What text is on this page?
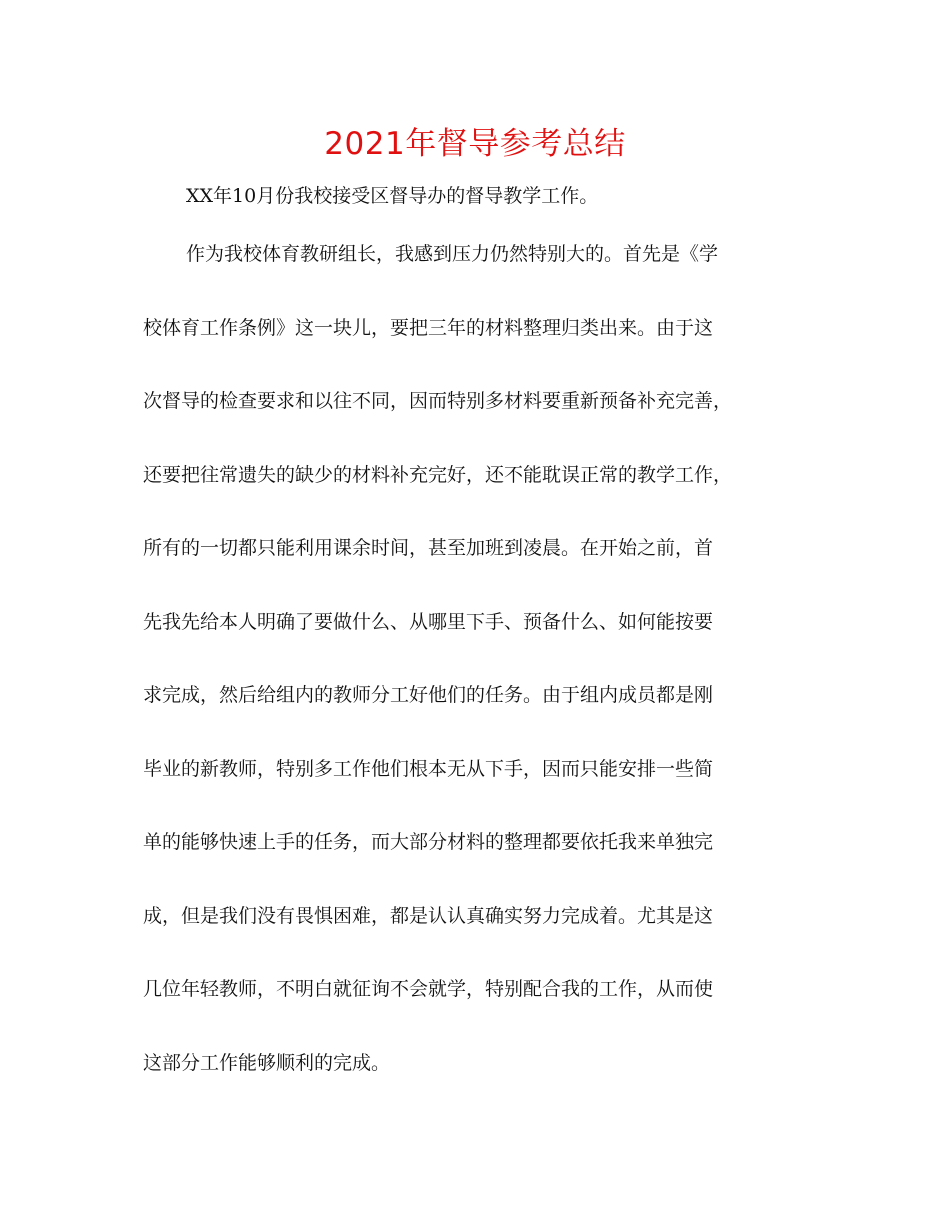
2021年督导参考总结

XX年10月份我校接受区督导办的督导教学工作。

作为我校体育教研组长，我感到压力仍然特别大的。首先是《学
校体育工作条例》这一块儿，要把三年的材料整理归类出来。由于这
次督导的检查要求和以往不同，因而特别多材料要重新预备补充完善，
还要把往常遗失的缺少的材料补充完好，还不能耽误正常的教学工作，
所有的一切都只能利用课余时间，甚至加班到凌晨。在开始之前，首
先我先给本人明确了要做什么、从哪里下手、预备什么、如何能按要
求完成，然后给组内的教师分工好他们的任务。由于组内成员都是刚
毕业的新教师，特别多工作他们根本无从下手，因而只能安排一些简
单的能够快速上手的任务，而大部分材料的整理都要依托我来单独完
成，但是我们没有畏惧困难，都是认认真确实努力完成着。尤其是这
几位年轻教师，不明白就征询不会就学，特别配合我的工作，从而使
这部分工作能够顺利的完成。
